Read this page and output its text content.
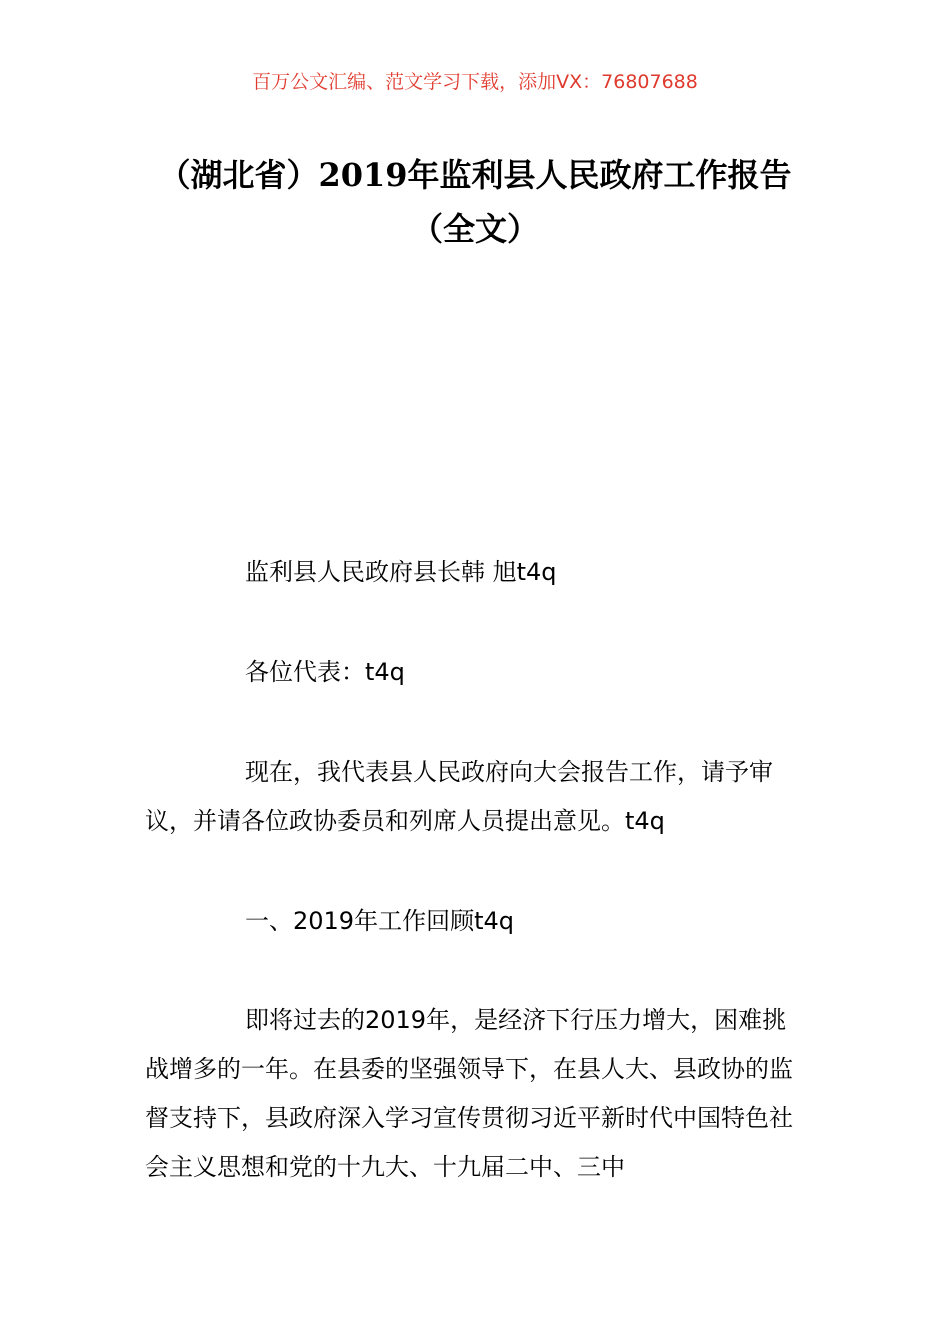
百万公文汇编、范文学习下载，添加VX：76807688
（湖北省）2019年监利县人民政府工作报告（全文）

监利县人民政府县长韩 旭t4q

各位代表：t4q

现在，我代表县人民政府向大会报告工作，请予审议，并请各位政协委员和列席人员提出意见。t4q

一、2019年工作回顾t4q

即将过去的2019年，是经济下行压力增大，困难挑战增多的一年。在县委的坚强领导下，在县人大、县政协的监督支持下，县政府深入学习宣传贯彻习近平新时代中国特色社会主义思想和党的十九大、十九届二中、三中
